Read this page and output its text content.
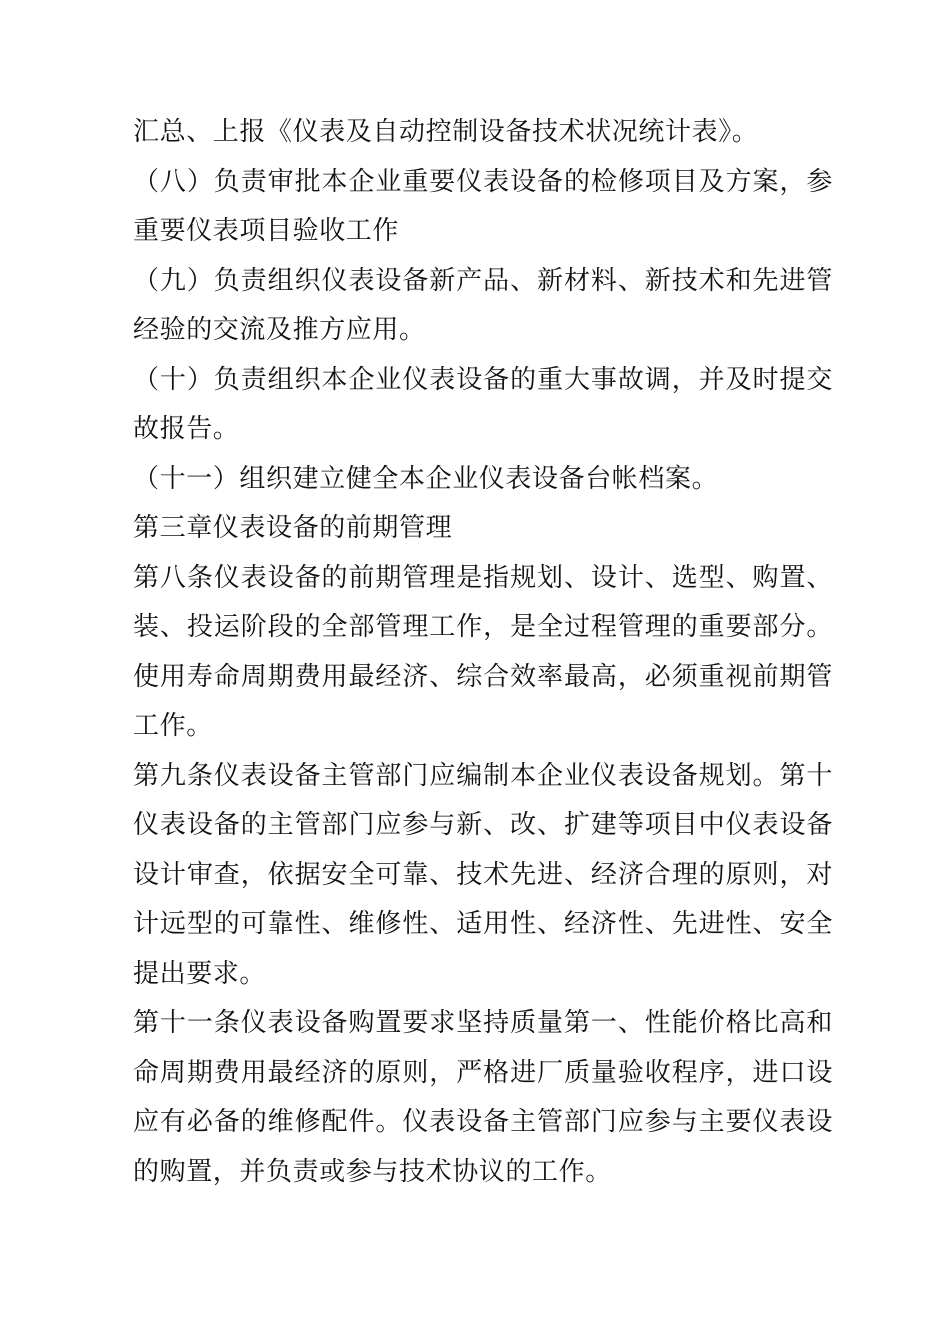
汇总、上报《仪表及自动控制设备技术状况统计表》。
（八）负责审批本企业重要仪表设备的检修项目及方案，参
重要仪表项目验收工作
（九）负责组织仪表设备新产品、新材料、新技术和先进管
经验的交流及推方应用。
（十）负责组织本企业仪表设备的重大事故调，并及时提交
故报告。
（十一）组织建立健全本企业仪表设备台帐档案。
第三章仪表设备的前期管理
第八条仪表设备的前期管理是指规划、设计、选型、购置、
装、投运阶段的全部管理工作，是全过程管理的重要部分。
使用寿命周期费用最经济、综合效率最高，必须重视前期管
工作。
第九条仪表设备主管部门应编制本企业仪表设备规划。第十
仪表设备的主管部门应参与新、改、扩建等项目中仪表设备
设计审查，依据安全可靠、技术先进、经济合理的原则，对
计远型的可靠性、维修性、适用性、经济性、先进性、安全
提出要求。
第十一条仪表设备购置要求坚持质量第一、性能价格比高和
命周期费用最经济的原则，严格进厂质量验收程序，进口设
应有必备的维修配件。仪表设备主管部门应参与主要仪表设
的购置，并负责或参与技术协议的工作。
